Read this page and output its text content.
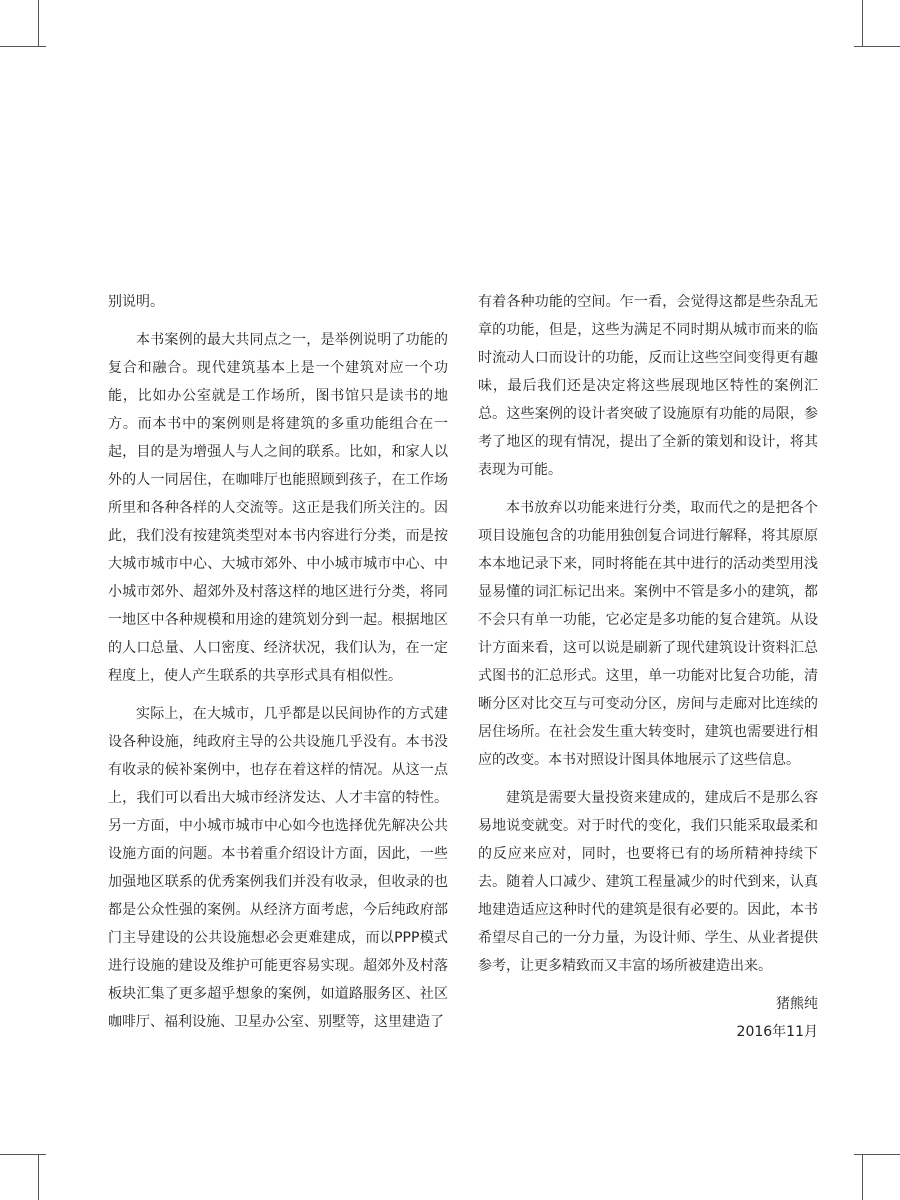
别说明。

本书案例的最大共同点之一，是举例说明了功能的复合和融合。现代建筑基本上是一个建筑对应一个功能，比如办公室就是工作场所，图书馆只是读书的地方。而本书中的案例则是将建筑的多重功能组合在一起，目的是为增强人与人之间的联系。比如，和家人以外的人一同居住，在咖啡厅也能照顾到孩子，在工作场所里和各种各样的人交流等。这正是我们所关注的。因此，我们没有按建筑类型对本书内容进行分类，而是按大城市城市中心、大城市郊外、中小城市城市中心、中小城市郊外、超郊外及村落这样的地区进行分类，将同一地区中各种规模和用途的建筑划分到一起。根据地区的人口总量、人口密度、经济状况，我们认为，在一定程度上，使人产生联系的共享形式具有相似性。

实际上，在大城市，几乎都是以民间协作的方式建设各种设施，纯政府主导的公共设施几乎没有。本书没有收录的候补案例中，也存在着这样的情况。从这一点上，我们可以看出大城市经济发达、人才丰富的特性。另一方面，中小城市城市中心如今也选择优先解决公共设施方面的问题。本书着重介绍设计方面，因此，一些加强地区联系的优秀案例我们并没有收录，但收录的也都是公众性强的案例。从经济方面考虑，今后纯政府部门主导建设的公共设施想必会更难建成，而以PPP模式进行设施的建设及维护可能更容易实现。超郊外及村落板块汇集了更多超乎想象的案例，如道路服务区、社区咖啡厅、福利设施、卫星办公室、别墅等，这里建造了

有着各种功能的空间。乍一看，会觉得这都是些杂乱无章的功能，但是，这些为满足不同时期从城市而来的临时流动人口而设计的功能，反而让这些空间变得更有趣味，最后我们还是决定将这些展现地区特性的案例汇总。这些案例的设计者突破了设施原有功能的局限，参考了地区的现有情况，提出了全新的策划和设计，将其表现为可能。

本书放弃以功能来进行分类，取而代之的是把各个项目设施包含的功能用独创复合词进行解释，将其原原本本地记录下来，同时将能在其中进行的活动类型用浅显易懂的词汇标记出来。案例中不管是多小的建筑，都不会只有单一功能，它必定是多功能的复合建筑。从设计方面来看，这可以说是刷新了现代建筑设计资料汇总式图书的汇总形式。这里，单一功能对比复合功能，清晰分区对比交互与可变动分区，房间与走廊对比连续的居住场所。在社会发生重大转变时，建筑也需要进行相应的改变。本书对照设计图具体地展示了这些信息。

建筑是需要大量投资来建成的，建成后不是那么容易地说变就变。对于时代的变化，我们只能采取最柔和的反应来应对，同时，也要将已有的场所精神持续下去。随着人口减少、建筑工程量减少的时代到来，认真地建造适应这种时代的建筑是很有必要的。因此，本书希望尽自己的一分力量，为设计师、学生、从业者提供参考，让更多精致而又丰富的场所被建造出来。

猪熊纯

2016年11月
